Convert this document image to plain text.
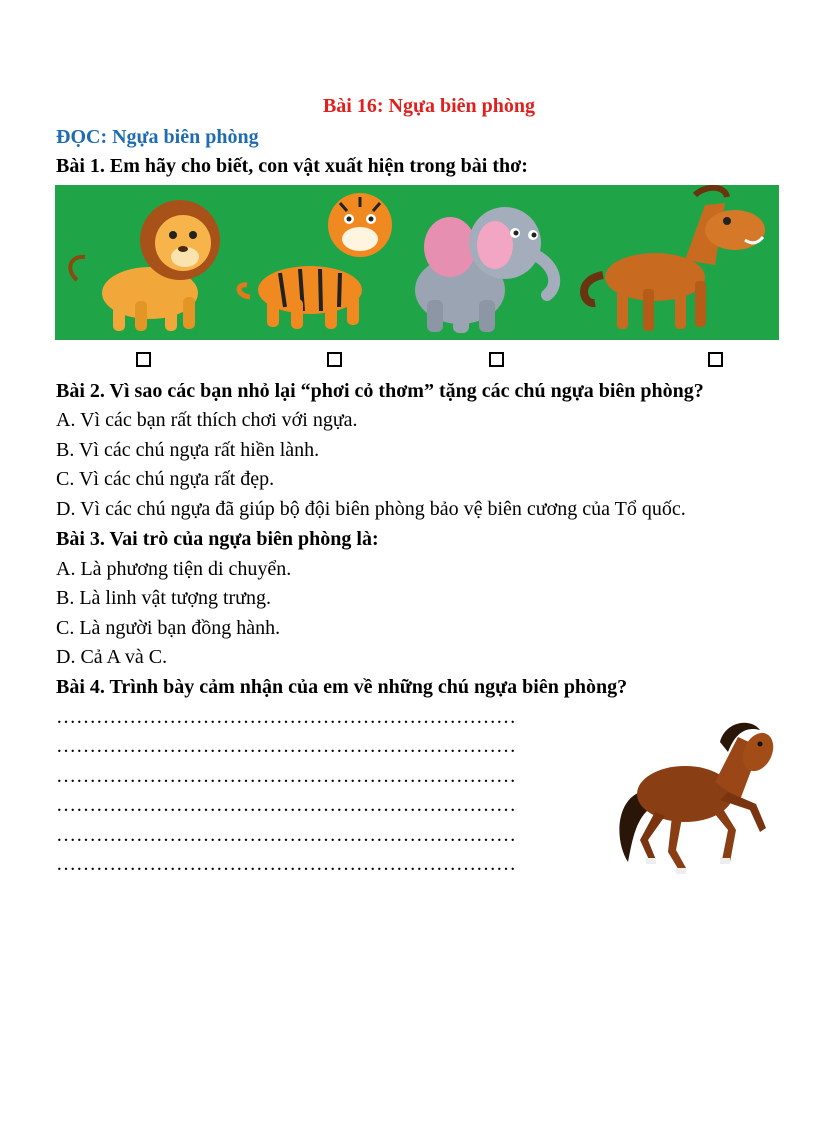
Bài 16: Ngựa biên phòng
ĐỌC: Ngựa biên phòng
Bài 1. Em hãy cho biết, con vật xuất hiện trong bài thơ:
Bài 2. Vì sao các bạn nhỏ lại “phơi cỏ thơm” tặng các chú ngựa biên phòng?
A. Vì các bạn rất thích chơi với ngựa.
B. Vì các chú ngựa rất hiền lành.
C. Vì các chú ngựa rất đẹp.
D. Vì các chú ngựa đã giúp bộ đội biên phòng bảo vệ biên cương của Tổ quốc.
Bài 3. Vai trò của ngựa biên phòng là:
A. Là phương tiện di chuyển.
B. Là linh vật tượng trưng.
C. Là người bạn đồng hành.
D. Cả A và C.
Bài 4. Trình bày cảm nhận của em về những chú ngựa biên phòng?
……………………………………………………………
……………………………………………………………
……………………………………………………………
……………………………………………………………
……………………………………………………………
……………………………………………………………
